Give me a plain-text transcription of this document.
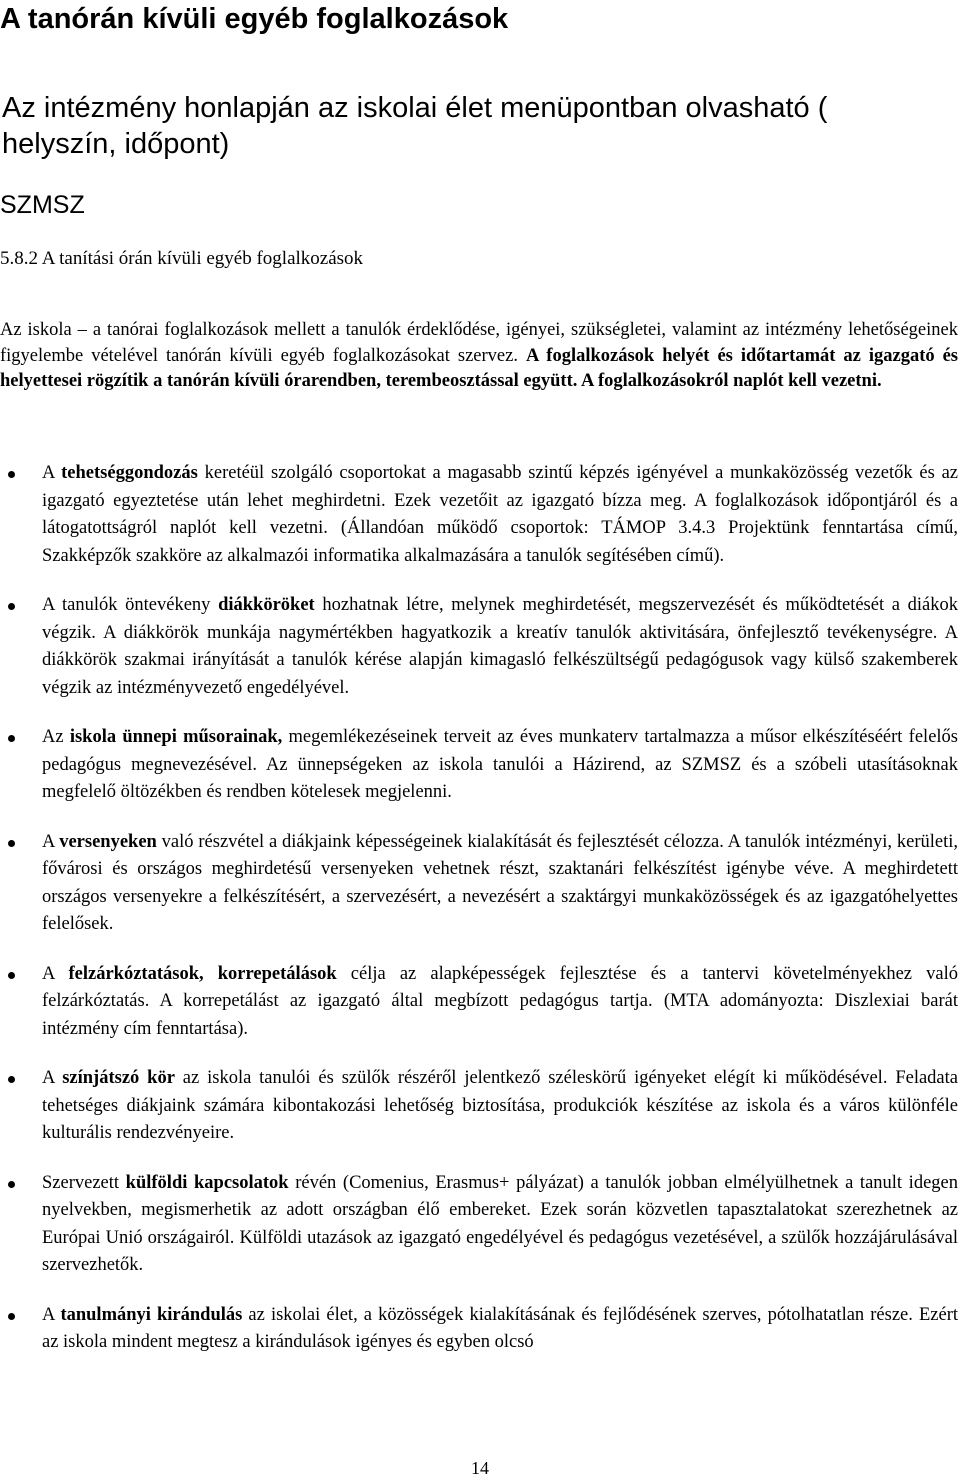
A tanórán kívüli egyéb foglalkozások
Az intézmény honlapján az iskolai élet menüpontban olvasható ( helyszín, időpont)
SZMSZ
5.8.2 A tanítási órán kívüli egyéb foglalkozások

Az iskola – a tanórai foglalkozások mellett a tanulók érdeklődése, igényei, szükségletei, valamint az intézmény lehetőségeinek figyelembe vételével tanórán kívüli egyéb foglalkozásokat szervez. A foglalkozások helyét és időtartamát az igazgató és helyettesei rögzítik a tanórán kívüli órarendben, terembeosztással együtt. A foglalkozásokról naplót kell vezetni.

A tehetséggondozás keretéül szolgáló csoportokat a magasabb szintű képzés igényével a munkaközösség vezetők és az igazgató egyeztetése után lehet meghirdetni. Ezek vezetőit az igazgató bízza meg. A foglalkozások időpontjáról és a látogatottságról naplót kell vezetni. (Állandóan működő csoportok: TÁMOP 3.4.3 Projektünk fenntartása című, Szakképzők szakköre az alkalmazói informatika alkalmazására a tanulók segítésében című).
A tanulók öntevékeny diákköröket hozhatnak létre, melynek meghirdetését, megszervezését és működtetését a diákok végzik. A diákkörök munkája nagymértékben hagyatkozik a kreatív tanulók aktivitására, önfejlesztő tevékenységre. A diákkörök szakmai irányítását a tanulók kérése alapján kimagasló felkészültségű pedagógusok vagy külső szakemberek végzik az intézményvezető engedélyével.
Az iskola ünnepi műsorainak, megemlékezéseinek terveit az éves munkaterv tartalmazza a műsor elkészítéséért felelős pedagógus megnevezésével. Az ünnepségeken az iskola tanulói a Házirend, az SZMSZ és a szóbeli utasításoknak megfelelő öltözékben és rendben kötelesek megjelenni.
A versenyeken való részvétel a diákjaink képességeinek kialakítását és fejlesztését célozza. A tanulók intézményi, kerületi, fővárosi és országos meghirdetésű versenyeken vehetnek részt, szaktanári felkészítést igénybe véve. A meghirdetett országos versenyekre a felkészítésért, a szervezésért, a nevezésért a szaktárgyi munkaközösségek és az igazgatóhelyettes felelősek.
A felzárkóztatások, korrepetálások célja az alapképességek fejlesztése és a tantervi követelményekhez való felzárkóztatás. A korrepetálást az igazgató által megbízott pedagógus tartja. (MTA adományozta: Diszlexiai barát intézmény cím fenntartása).
A színjátszó kör az iskola tanulói és szülők részéről jelentkező széleskörű igényeket elégít ki működésével. Feladata tehetséges diákjaink számára kibontakozási lehetőség biztosítása, produkciók készítése az iskola és a város különféle kulturális rendezvényeire.
Szervezett külföldi kapcsolatok révén (Comenius, Erasmus+ pályázat) a tanulók jobban elmélyülhetnek a tanult idegen nyelvekben, megismerhetik az adott országban élő embereket. Ezek során közvetlen tapasztalatokat szerezhetnek az Európai Unió országairól. Külföldi utazások az igazgató engedélyével és pedagógus vezetésével, a szülők hozzájárulásával szervezhetők.
A tanulmányi kirándulás az iskolai élet, a közösségek kialakításának és fejlődésének szerves, pótolhatatlan része. Ezért az iskola mindent megtesz a kirándulások igényes és egyben olcsó
14
